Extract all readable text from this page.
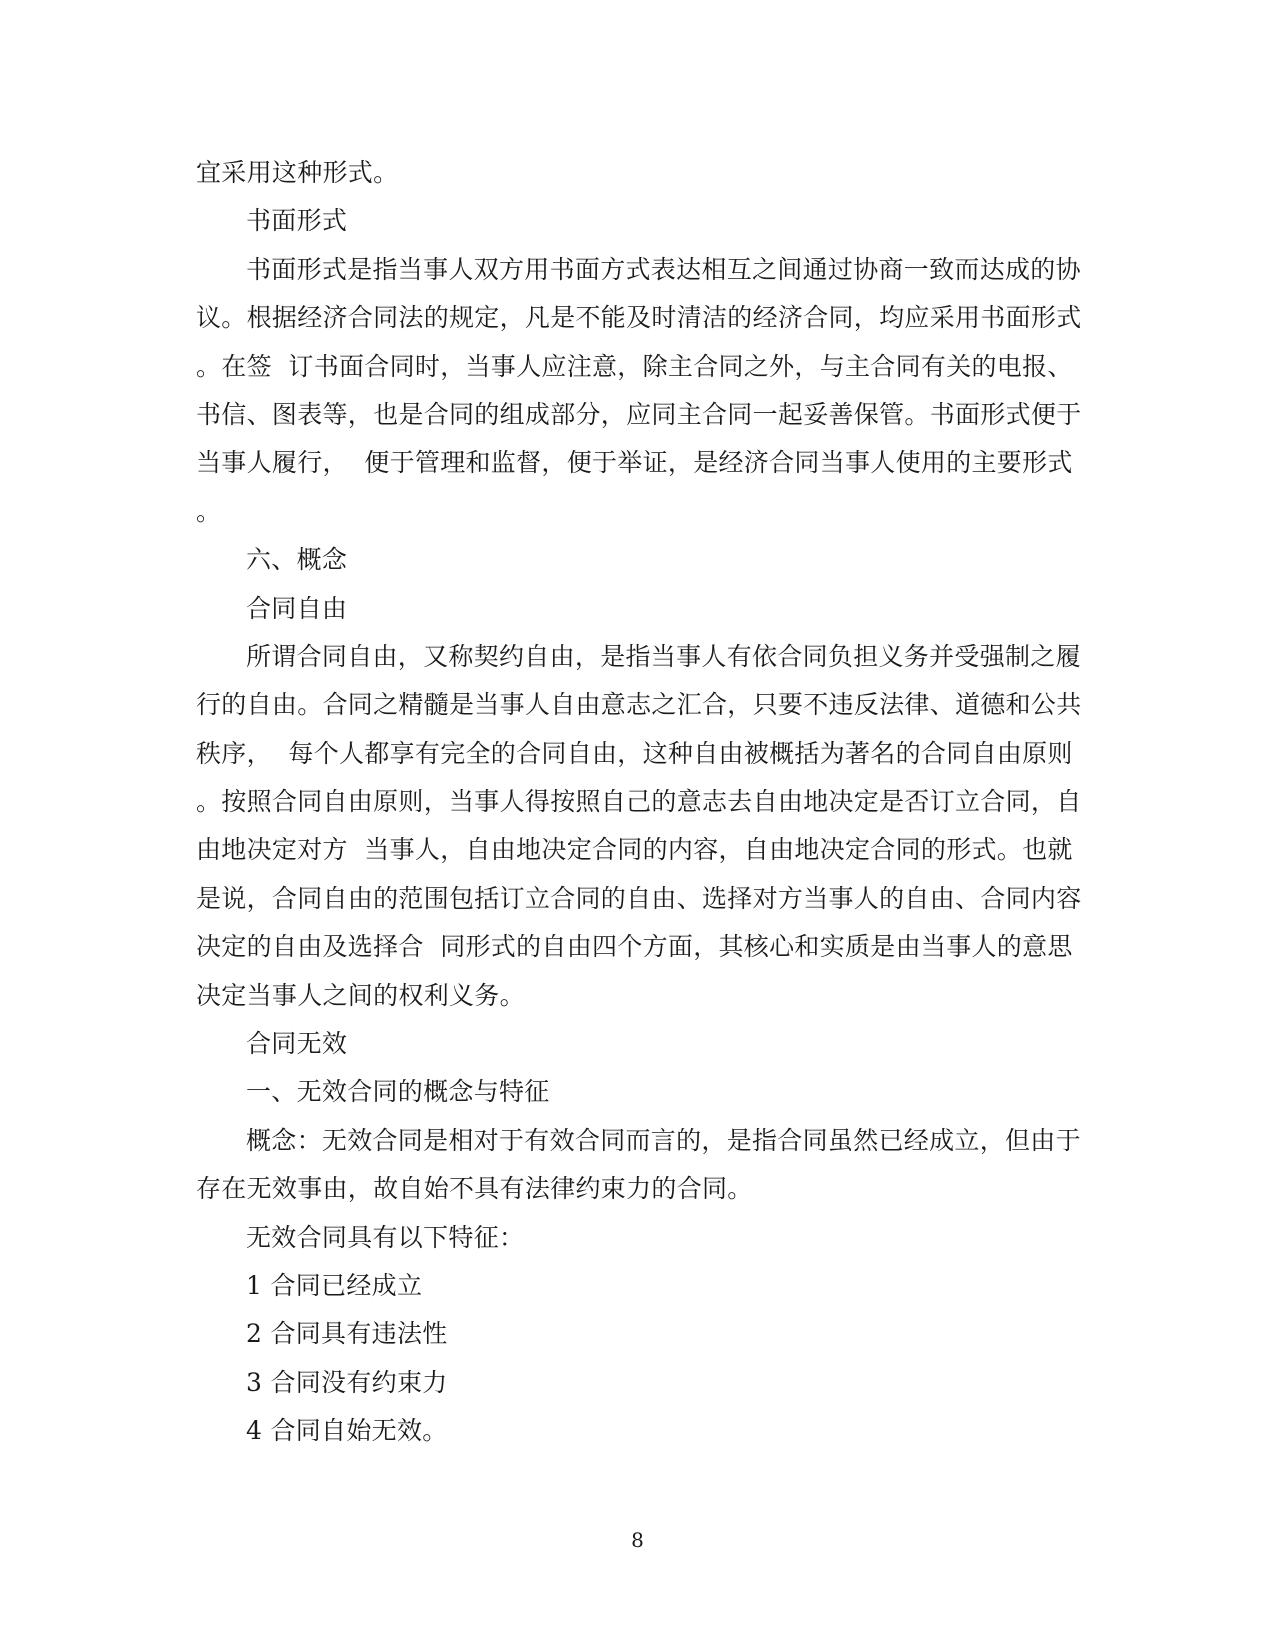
宜采用这种形式。
书面形式
书面形式是指当事人双方用书面方式表达相互之间通过协商一致而达成的协
议。根据经济合同法的规定，凡是不能及时清洁的经济合同，均应采用书面形式
。在签  订书面合同时，当事人应注意，除主合同之外，与主合同有关的电报、
书信、图表等，也是合同的组成部分，应同主合同一起妥善保管。书面形式便于
当事人履行，  便于管理和监督，便于举证，是经济合同当事人使用的主要形式
。
六、概念
合同自由
所谓合同自由，又称契约自由，是指当事人有依合同负担义务并受强制之履
行的自由。合同之精髓是当事人自由意志之汇合，只要不违反法律、道德和公共
秩序，  每个人都享有完全的合同自由，这种自由被概括为著名的合同自由原则
。按照合同自由原则，当事人得按照自己的意志去自由地决定是否订立合同，自
由地决定对方  当事人，自由地决定合同的内容，自由地决定合同的形式。也就
是说，合同自由的范围包括订立合同的自由、选择对方当事人的自由、合同内容
决定的自由及选择合  同形式的自由四个方面，其核心和实质是由当事人的意思
决定当事人之间的权利义务。
合同无效
一、无效合同的概念与特征
概念：无效合同是相对于有效合同而言的，是指合同虽然已经成立，但由于
存在无效事由，故自始不具有法律约束力的合同。
无效合同具有以下特征：
1 合同已经成立
2 合同具有违法性
3 合同没有约束力
4 合同自始无效。
8
